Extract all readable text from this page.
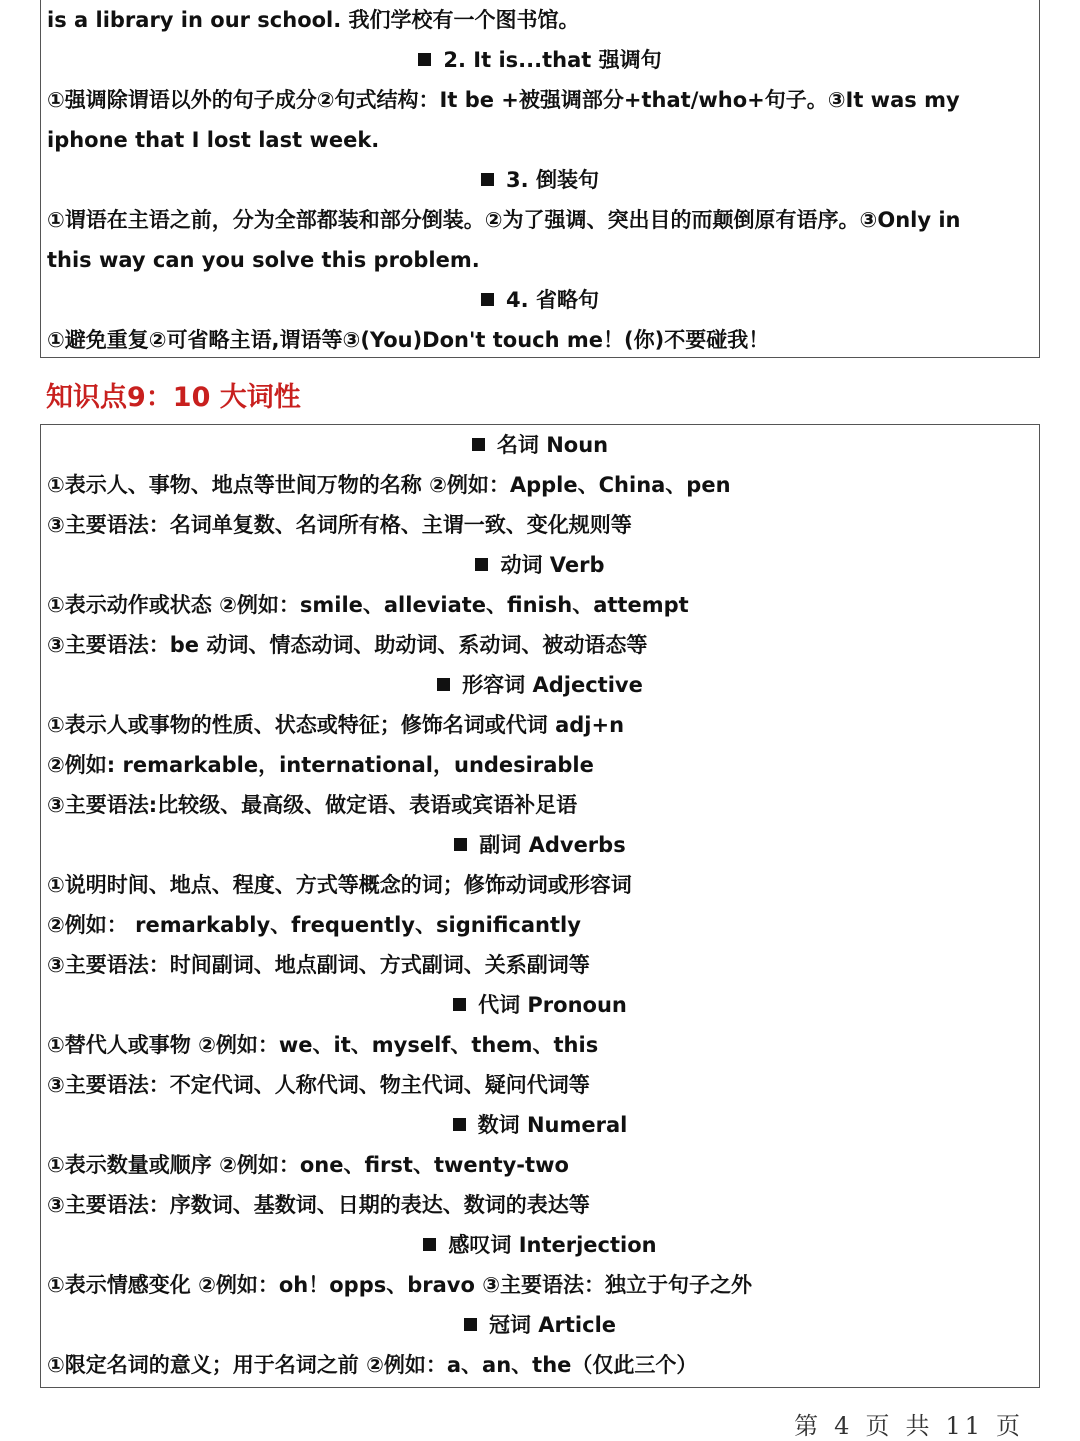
is a library in our school. 我们学校有一个图书馆。
2. It is...that 强调句
①强调除谓语以外的句子成分②句式结构：It be +被强调部分+that/who+句子。③It was my
iphone that I lost last week.
3. 倒装句
①谓语在主语之前，分为全部都装和部分倒装。②为了强调、突出目的而颠倒原有语序。③Only in
this way can you solve this problem.
4. 省略句
①避免重复②可省略主语,谓语等③(You)Don't touch me！(你)不要碰我！
知识点9：10 大词性
名词 Noun
①表示人、事物、地点等世间万物的名称 ②例如：Apple、China、pen
③主要语法：名词单复数、名词所有格、主谓一致、变化规则等
动词 Verb
①表示动作或状态 ②例如：smile、alleviate、finish、attempt
③主要语法：be 动词、情态动词、助动词、系动词、被动语态等
形容词 Adjective
①表示人或事物的性质、状态或特征；修饰名词或代词 adj+n
②例如: remarkable，international，undesirable
③主要语法:比较级、最高级、做定语、表语或宾语补足语
副词 Adverbs
①说明时间、地点、程度、方式等概念的词；修饰动词或形容词
②例如： remarkably、frequently、significantly
③主要语法：时间副词、地点副词、方式副词、关系副词等
代词 Pronoun
①替代人或事物 ②例如：we、it、myself、them、this
③主要语法：不定代词、人称代词、物主代词、疑问代词等
数词 Numeral
①表示数量或顺序 ②例如：one、first、twenty-two
③主要语法：序数词、基数词、日期的表达、数词的表达等
感叹词 Interjection
①表示情感变化 ②例如：oh！opps、bravo ③主要语法：独立于句子之外
冠词 Article
①限定名词的意义；用于名词之前 ②例如：a、an、the（仅此三个）
第 4 页 共 11 页
